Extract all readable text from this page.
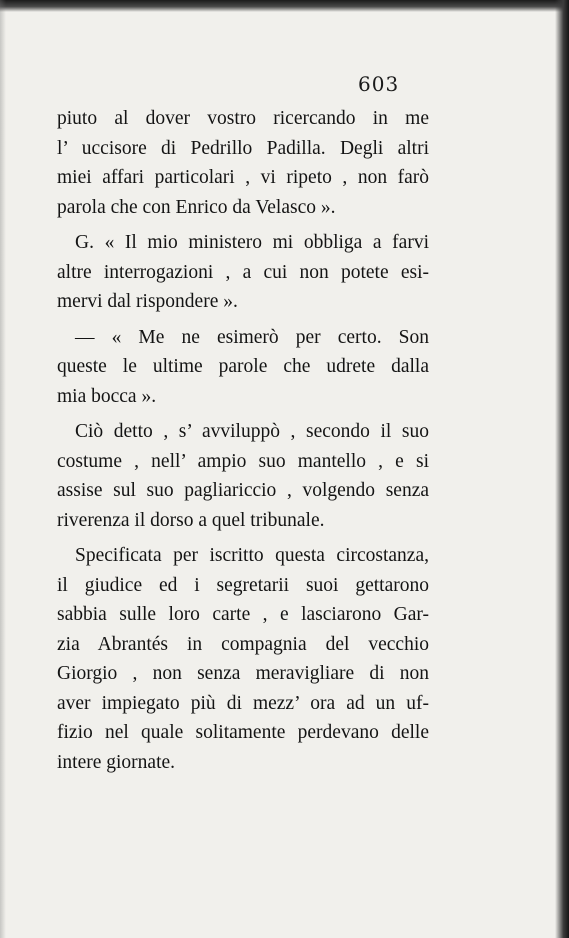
603
piuto al dover vostro ricercando in me
l’ uccisore di Pedrillo Padilla. Degli altri
miei affari particolari , vi ripeto , non farò
parola che con Enrico da Velasco ».
G. « Il mio ministero mi obbliga a farvi
altre interrogazioni , a cui non potete esi-
mervi dal rispondere ».
— « Me ne esimerò per certo. Son
queste le ultime parole che udrete dalla
mia bocca ».
Ciò detto , s’ avviluppò , secondo il suo
costume , nell’ ampio suo mantello , e si
assise sul suo pagliariccio , volgendo senza
riverenza il dorso a quel tribunale.
Specificata per iscritto questa circostanza,
il giudice ed i segretarii suoi gettarono
sabbia sulle loro carte , e lasciarono Gar-
zia Abrantés in compagnia del vecchio
Giorgio , non senza meravigliare di non
aver impiegato più di mezz’ ora ad un uf-
fizio nel quale solitamente perdevano delle
intere giornate.
